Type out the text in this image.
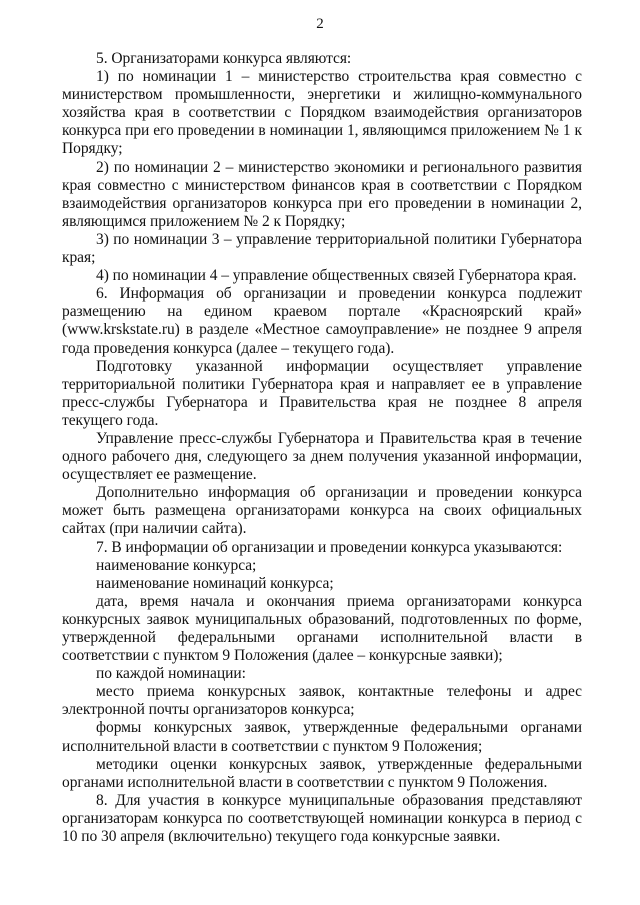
2

5. Организаторами конкурса являются:

1) по номинации 1 – министерство строительства края совместно с министерством промышленности, энергетики и жилищно-коммунального хозяйства края в соответствии с Порядком взаимодействия организаторов конкурса при его проведении в номинации 1, являющимся приложением № 1 к Порядку;

2) по номинации 2 – министерство экономики и регионального развития края совместно с министерством финансов края в соответствии с Порядком взаимодействия организаторов конкурса при его проведении в номинации 2, являющимся приложением № 2 к Порядку;

3) по номинации 3 – управление территориальной политики Губернатора края;

4) по номинации 4 – управление общественных связей Губернатора края.

6. Информация об организации и проведении конкурса подлежит размещению на едином краевом портале «Красноярский край» (www.krskstate.ru) в разделе «Местное самоуправление» не позднее 9 апреля года проведения конкурса (далее – текущего года).

Подготовку указанной информации осуществляет управление территориальной политики Губернатора края и направляет ее в управление пресс-службы Губернатора и Правительства края не позднее 8 апреля текущего года.

Управление пресс-службы Губернатора и Правительства края в течение одного рабочего дня, следующего за днем получения указанной информации, осуществляет ее размещение.

Дополнительно информация об организации и проведении конкурса может быть размещена организаторами конкурса на своих официальных сайтах (при наличии сайта).

7. В информации об организации и проведении конкурса указываются:

наименование конкурса;

наименование номинаций конкурса;

дата, время начала и окончания приема организаторами конкурса конкурсных заявок муниципальных образований, подготовленных по форме, утвержденной федеральными органами исполнительной власти в соответствии с пунктом 9 Положения (далее – конкурсные заявки);

по каждой номинации:

место приема конкурсных заявок, контактные телефоны и адрес электронной почты организаторов конкурса;

формы конкурсных заявок, утвержденные федеральными органами исполнительной власти в соответствии с пунктом 9 Положения;

методики оценки конкурсных заявок, утвержденные федеральными органами исполнительной власти в соответствии с пунктом 9 Положения.

8. Для участия в конкурсе муниципальные образования представляют организаторам конкурса по соответствующей номинации конкурса в период с 10 по 30 апреля (включительно) текущего года конкурсные заявки.
